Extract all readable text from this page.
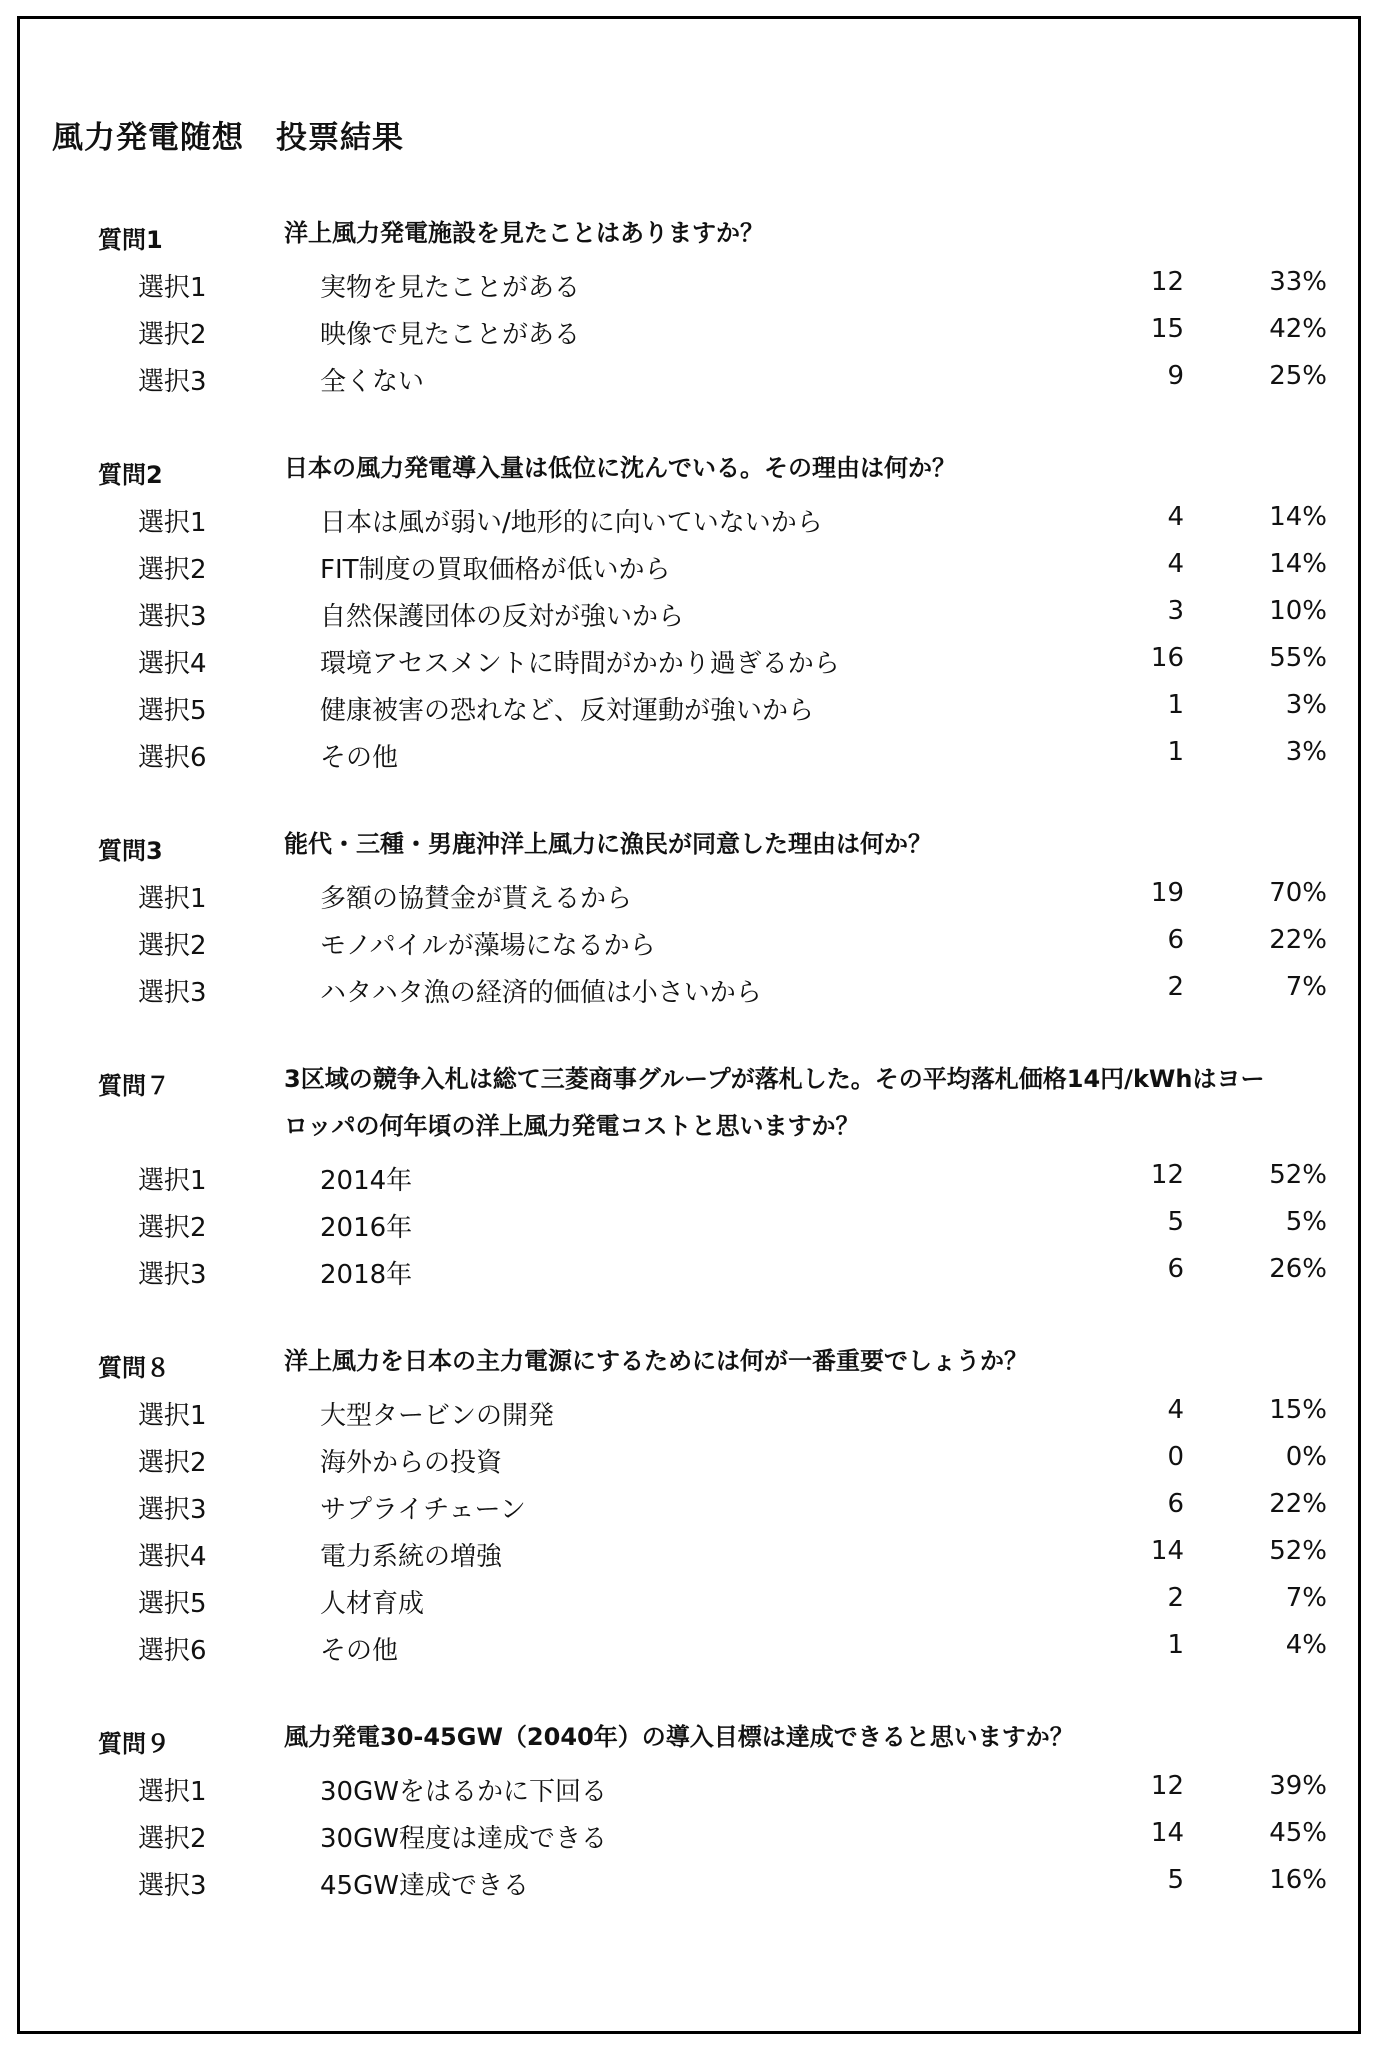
風力発電随想　投票結果
質問1	洋上風力発電施設を見たことはありますか？
選択1	実物を見たことがある	12	33%
選択2	映像で見たことがある	15	42%
選択3	全くない	9	25%
質問2	日本の風力発電導入量は低位に沈んでいる。その理由は何か？
選択1	日本は風が弱い/地形的に向いていないから	4	14%
選択2	FIT制度の買取価格が低いから	4	14%
選択3	自然保護団体の反対が強いから	3	10%
選択4	環境アセスメントに時間がかかり過ぎるから	16	55%
選択5	健康被害の恐れなど、反対運動が強いから	1	3%
選択6	その他	1	3%
質問3	能代・三種・男鹿沖洋上風力に漁民が同意した理由は何か？
選択1	多額の協賛金が貰えるから	19	70%
選択2	モノパイルが藻場になるから	6	22%
選択3	ハタハタ漁の経済的価値は小さいから	2	7%
質問７	3区域の競争入札は総て三菱商事グループが落札した。その平均落札価格14円/kWhはヨーロッパの何年頃の洋上風力発電コストと思いますか？
選択1	2014年	12	52%
選択2	2016年	5	5%
選択3	2018年	6	26%
質問８	洋上風力を日本の主力電源にするためには何が一番重要でしょうか？
選択1	大型タービンの開発	4	15%
選択2	海外からの投資	0	0%
選択3	サプライチェーン	6	22%
選択4	電力系統の増強	14	52%
選択5	人材育成	2	7%
選択6	その他	1	4%
質問９	風力発電30-45GW（2040年）の導入目標は達成できると思いますか？
選択1	30GWをはるかに下回る	12	39%
選択2	30GW程度は達成できる	14	45%
選択3	45GW達成できる	5	16%
